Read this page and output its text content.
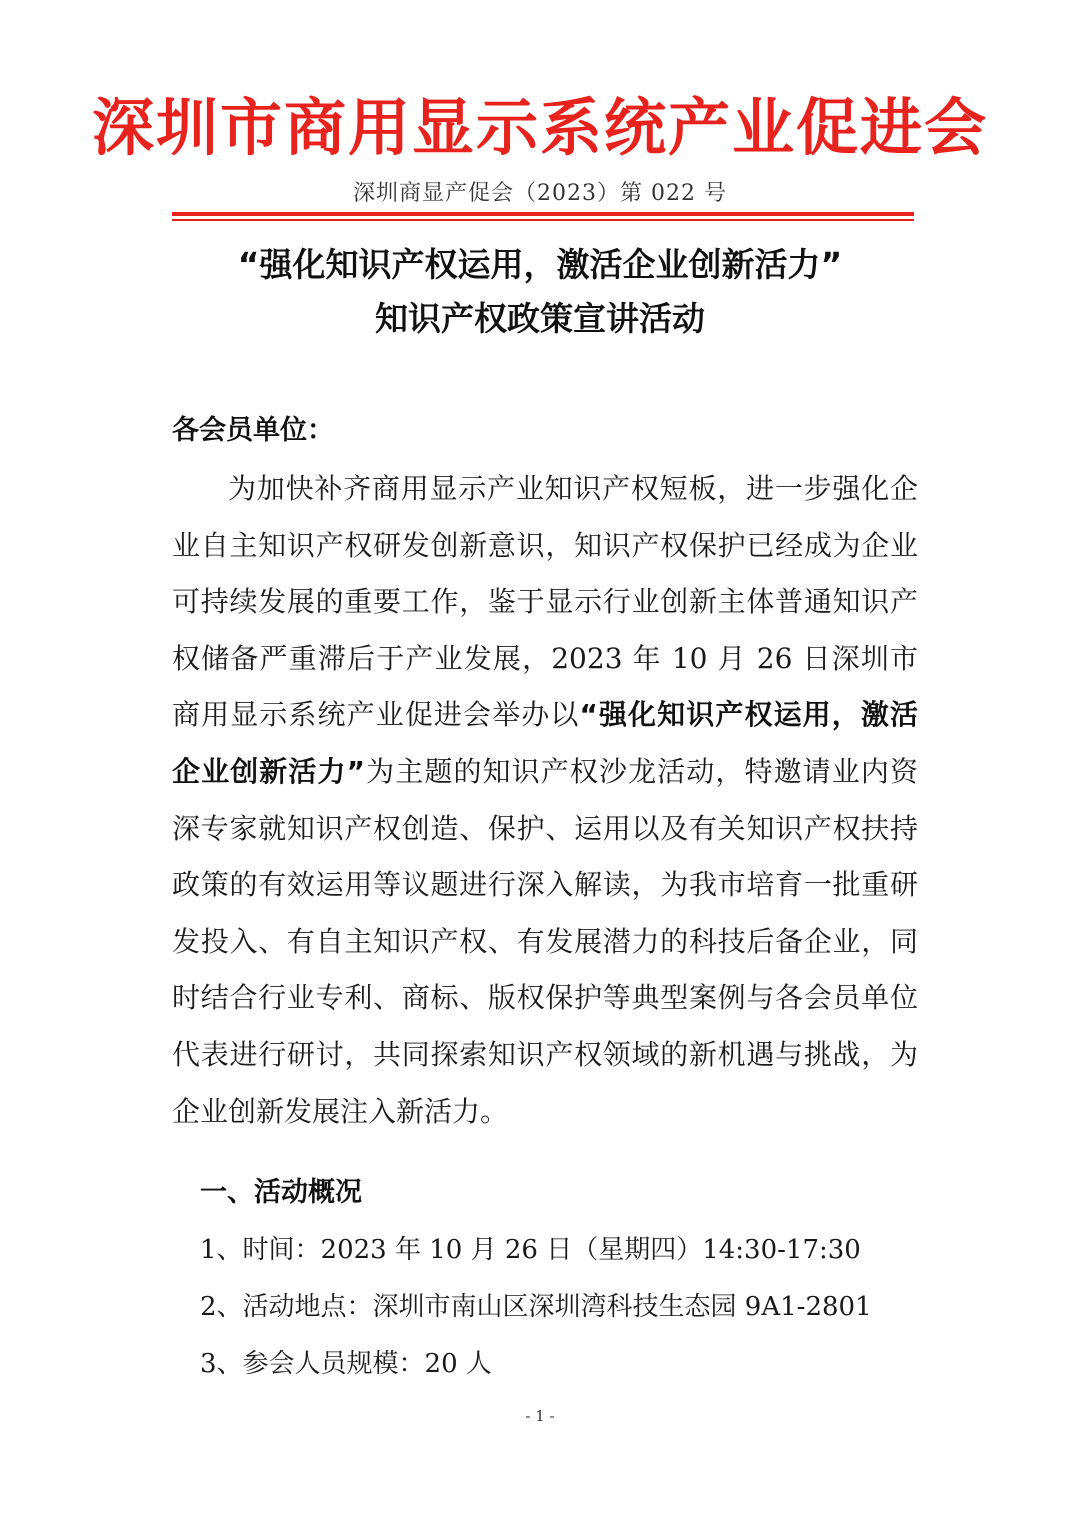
深圳市商用显示系统产业促进会
深圳商显产促会（2023）第 022 号
“强化知识产权运用，激活企业创新活力”
知识产权政策宣讲活动
各会员单位：

为加快补齐商用显示产业知识产权短板，进一步强化企业自主知识产权研发创新意识，知识产权保护已经成为企业可持续发展的重要工作，鉴于显示行业创新主体普通知识产权储备严重滞后于产业发展，2023 年 10 月 26 日深圳市商用显示系统产业促进会举办以“强化知识产权运用，激活企业创新活力”为主题的知识产权沙龙活动，特邀请业内资深专家就知识产权创造、保护、运用以及有关知识产权扶持政策的有效运用等议题进行深入解读，为我市培育一批重研发投入、有自主知识产权、有发展潜力的科技后备企业，同时结合行业专利、商标、版权保护等典型案例与各会员单位代表进行研讨，共同探索知识产权领域的新机遇与挑战，为企业创新发展注入新活力。

一、活动概况
1、时间：2023 年 10 月 26 日（星期四）14:30-17:30
2、活动地点：深圳市南山区深圳湾科技生态园 9A1-2801
3、参会人员规模：20 人
- 1 -
